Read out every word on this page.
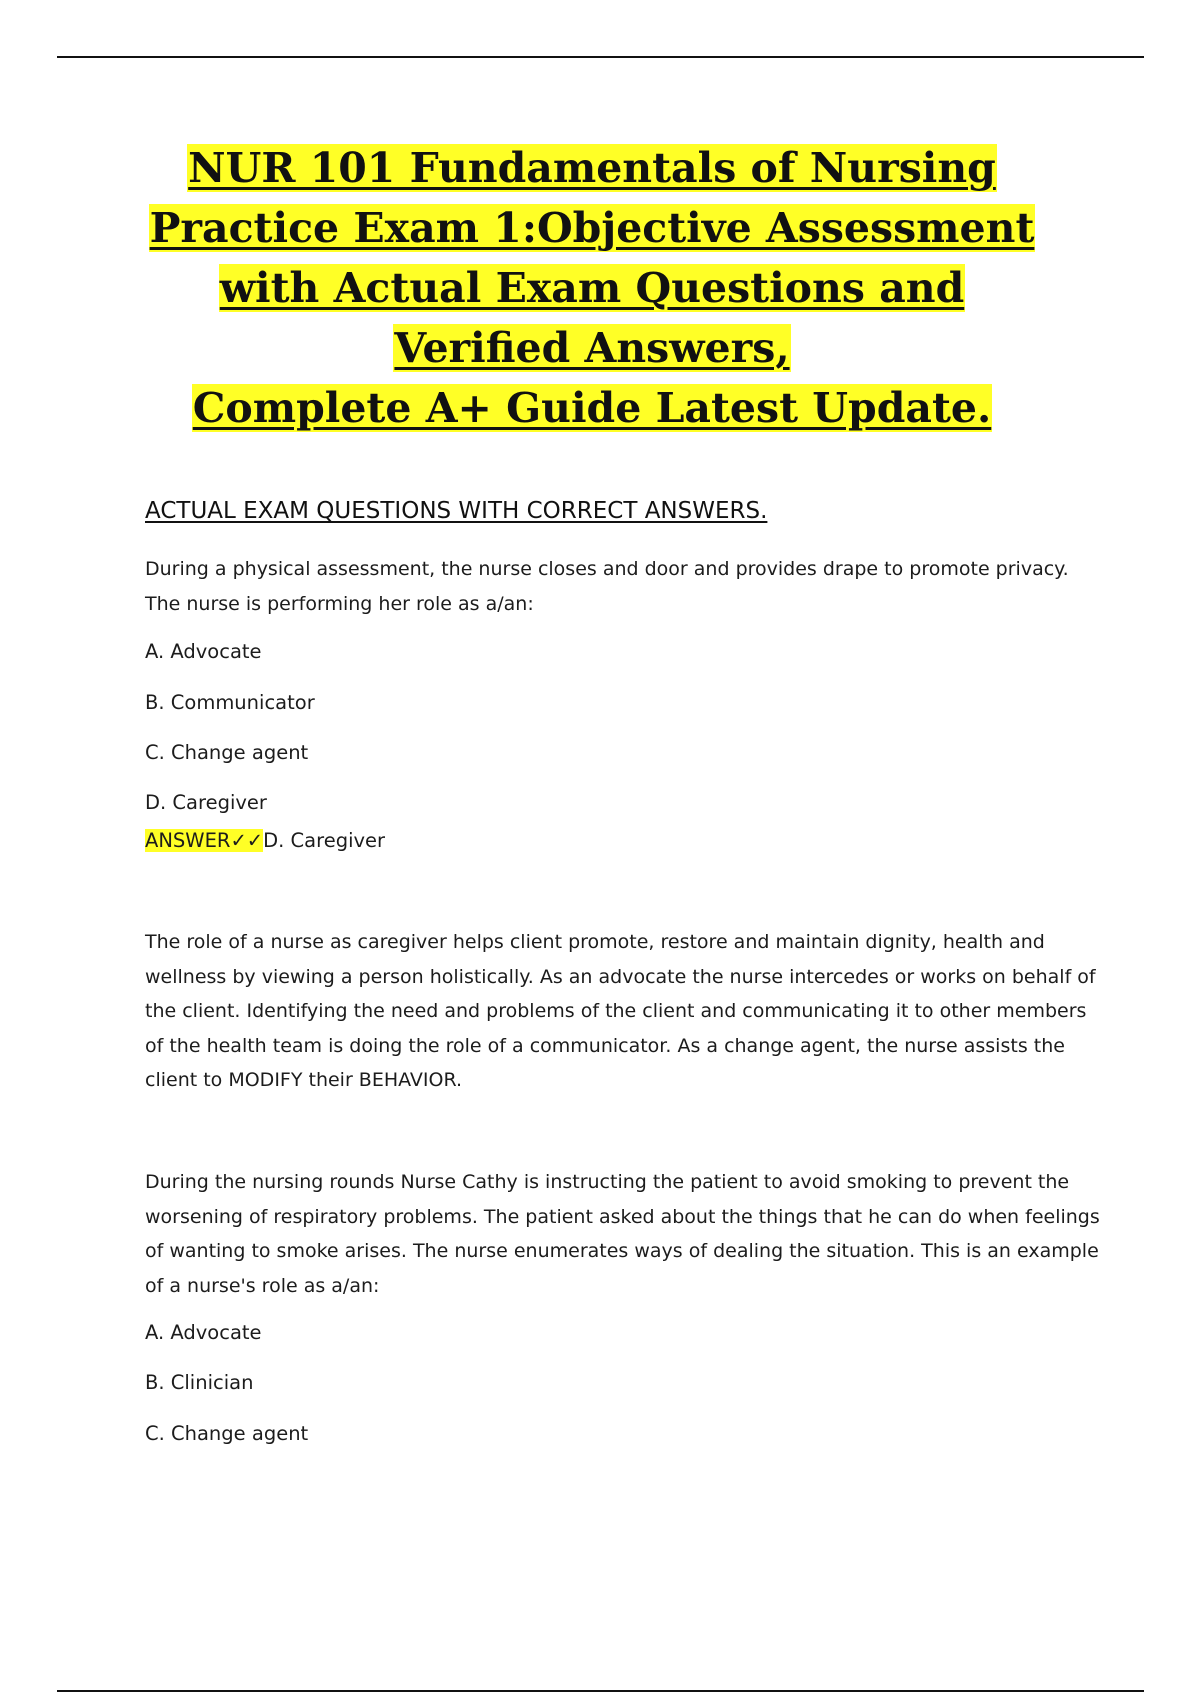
NUR 101 Fundamentals of Nursing
Practice Exam 1:Objective Assessment
with Actual Exam Questions and
Verified Answers,
Complete A+ Guide Latest Update.
ACTUAL EXAM QUESTIONS WITH CORRECT ANSWERS.
During a physical assessment, the nurse closes and door and provides drape to promote privacy. The nurse is performing her role as a/an:
A. Advocate
B. Communicator
C. Change agent
D. Caregiver
ANSWER✓✓D. Caregiver
The role of a nurse as caregiver helps client promote, restore and maintain dignity, health and wellness by viewing a person holistically. As an advocate the nurse intercedes or works on behalf of the client. Identifying the need and problems of the client and communicating it to other members of the health team is doing the role of a communicator. As a change agent, the nurse assists the client to MODIFY their BEHAVIOR.
During the nursing rounds Nurse Cathy is instructing the patient to avoid smoking to prevent the worsening of respiratory problems. The patient asked about the things that he can do when feelings of wanting to smoke arises. The nurse enumerates ways of dealing the situation. This is an example of a nurse's role as a/an:
A. Advocate
B. Clinician
C. Change agent
